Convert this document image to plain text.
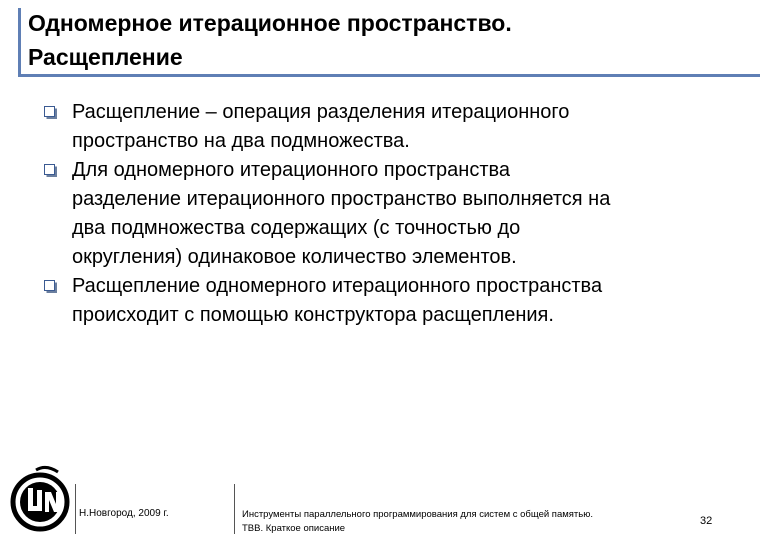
Одномерное итерационное пространство.
Расщепление
Расщепление – операция разделения итерационного
пространство на два подмножества.
Для одномерного итерационного пространства
разделение итерационного пространство выполняется на
два подмножества содержащих (с точностью до
округления) одинаковое количество элементов.
Расщепление одномерного итерационного пространства
происходит с помощью конструктора расщепления.
Н.Новгород, 2009 г.	Инструменты параллельного программирования для систем с общей памятью.
TBB. Краткое описание
32
